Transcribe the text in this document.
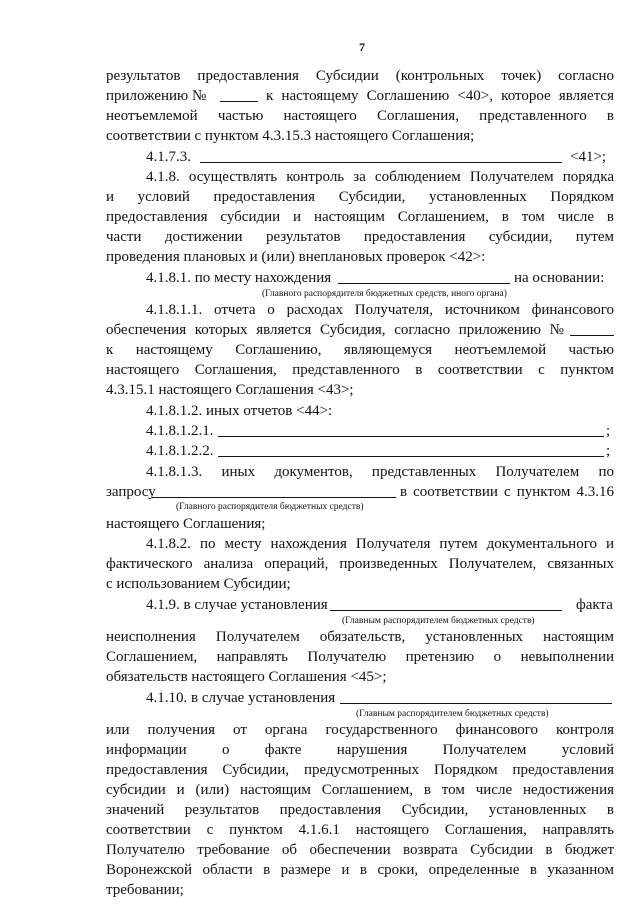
7
результатов предоставления Субсидии (контрольных точек) согласно
приложению №	к настоящему Соглашению <40>, которое является
неотъемлемой частью настоящего Соглашения, представленного в
соответствии с пунктом 4.3.15.3 настоящего Соглашения;
4.1.7.3.	<41>;
4.1.8. осуществлять контроль за соблюдением Получателем порядка
и условий предоставления Субсидии, установленных Порядком
предоставления субсидии и настоящим Соглашением, в том числе в
части достижении результатов предоставления субсидии, путем
проведения плановых и (или) внеплановых проверок <42>:
4.1.8.1. по месту нахождения	на основании:
(Главного распорядителя бюджетных средств, иного органа)
4.1.8.1.1. отчета о расходах Получателя, источником финансового
обеспечения которых является Субсидия, согласно приложению №
к настоящему Соглашению, являющемуся неотъемлемой частью
настоящего Соглашения, представленного в соответствии с пунктом
4.3.15.1 настоящего Соглашения <43>;
4.1.8.1.2. иных отчетов <44>:
4.1.8.1.2.1.	;
4.1.8.1.2.2.	;
4.1.8.1.3. иных документов, представленных Получателем по
запросу	в соответствии с пунктом 4.3.16
(Главного распорядителя бюджетных средств)
настоящего Соглашения;
4.1.8.2. по месту нахождения Получателя путем документального и
фактического анализа операций, произведенных Получателем, связанных
с использованием Субсидии;
4.1.9. в случае установления	факта
(Главным распорядителем бюджетных средств)
неисполнения Получателем обязательств, установленных настоящим
Соглашением, направлять Получателю претензию о невыполнении
обязательств настоящего Соглашения <45>;
4.1.10. в случае установления
(Главным распорядителем бюджетных средств)
или получения от органа государственного финансового контроля
информации о факте нарушения Получателем условий
предоставления Субсидии, предусмотренных Порядком предоставления
субсидии и (или) настоящим Соглашением, в том числе недостижения
значений результатов предоставления Субсидии, установленных в
соответствии с пунктом 4.1.6.1 настоящего Соглашения, направлять
Получателю требование об обеспечении возврата Субсидии в бюджет
Воронежской области в размере и в сроки, определенные в указанном
требовании;
